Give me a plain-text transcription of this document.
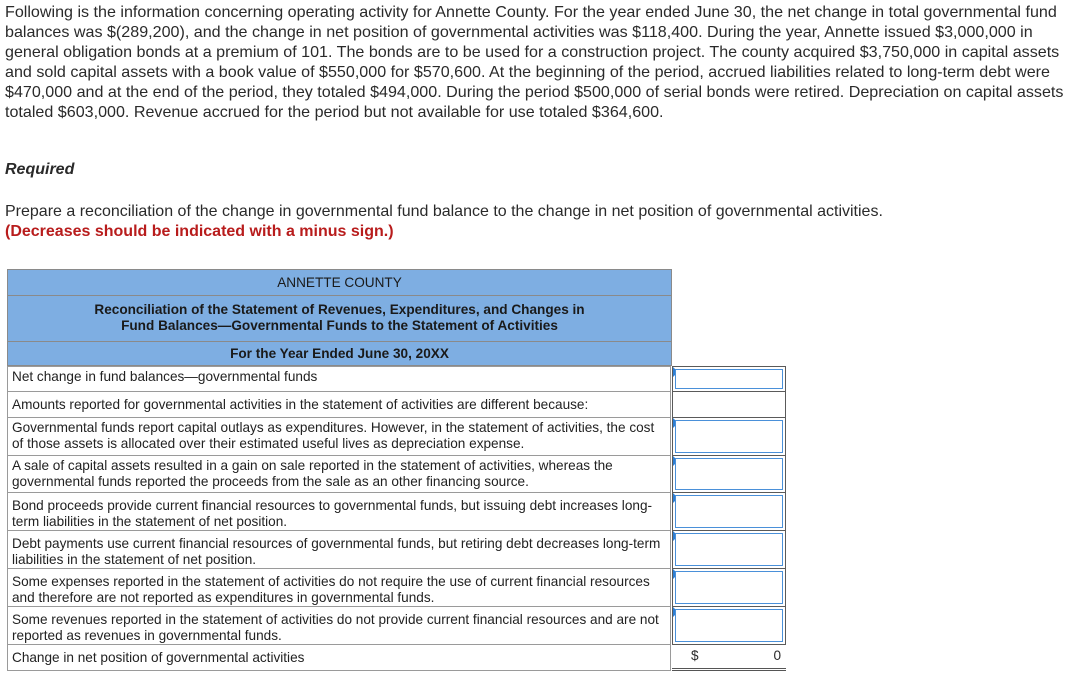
Following is the information concerning operating activity for Annette County. For the year ended June 30, the net change in total governmental fund balances was $(289,200), and the change in net position of governmental activities was $118,400. During the year, Annette issued $3,000,000 in general obligation bonds at a premium of 101. The bonds are to be used for a construction project. The county acquired $3,750,000 in capital assets and sold capital assets with a book value of $550,000 for $570,600. At the beginning of the period, accrued liabilities related to long-term debt were $470,000 and at the end of the period, they totaled $494,000. During the period $500,000 of serial bonds were retired. Depreciation on capital assets totaled $603,000. Revenue accrued for the period but not available for use totaled $364,600.

Required

Prepare a reconciliation of the change in governmental fund balance to the change in net position of governmental activities.
(Decreases should be indicated with a minus sign.)

ANNETTE COUNTY
Reconciliation of the Statement of Revenues, Expenditures, and Changes in
Fund Balances—Governmental Funds to the Statement of Activities
For the Year Ended June 30, 20XX
Net change in fund balances—governmental funds
Amounts reported for governmental activities in the statement of activities are different because:
Governmental funds report capital outlays as expenditures. However, in the statement of activities, the cost of those assets is allocated over their estimated useful lives as depreciation expense.
A sale of capital assets resulted in a gain on sale reported in the statement of activities, whereas the governmental funds reported the proceeds from the sale as an other financing source.
Bond proceeds provide current financial resources to governmental funds, but issuing debt increases long-term liabilities in the statement of net position.
Debt payments use current financial resources of governmental funds, but retiring debt decreases long-term liabilities in the statement of net position.
Some expenses reported in the statement of activities do not require the use of current financial resources and therefore are not reported as expenditures in governmental funds.
Some revenues reported in the statement of activities do not provide current financial resources and are not reported as revenues in governmental funds.
Change in net position of governmental activities	$	0
